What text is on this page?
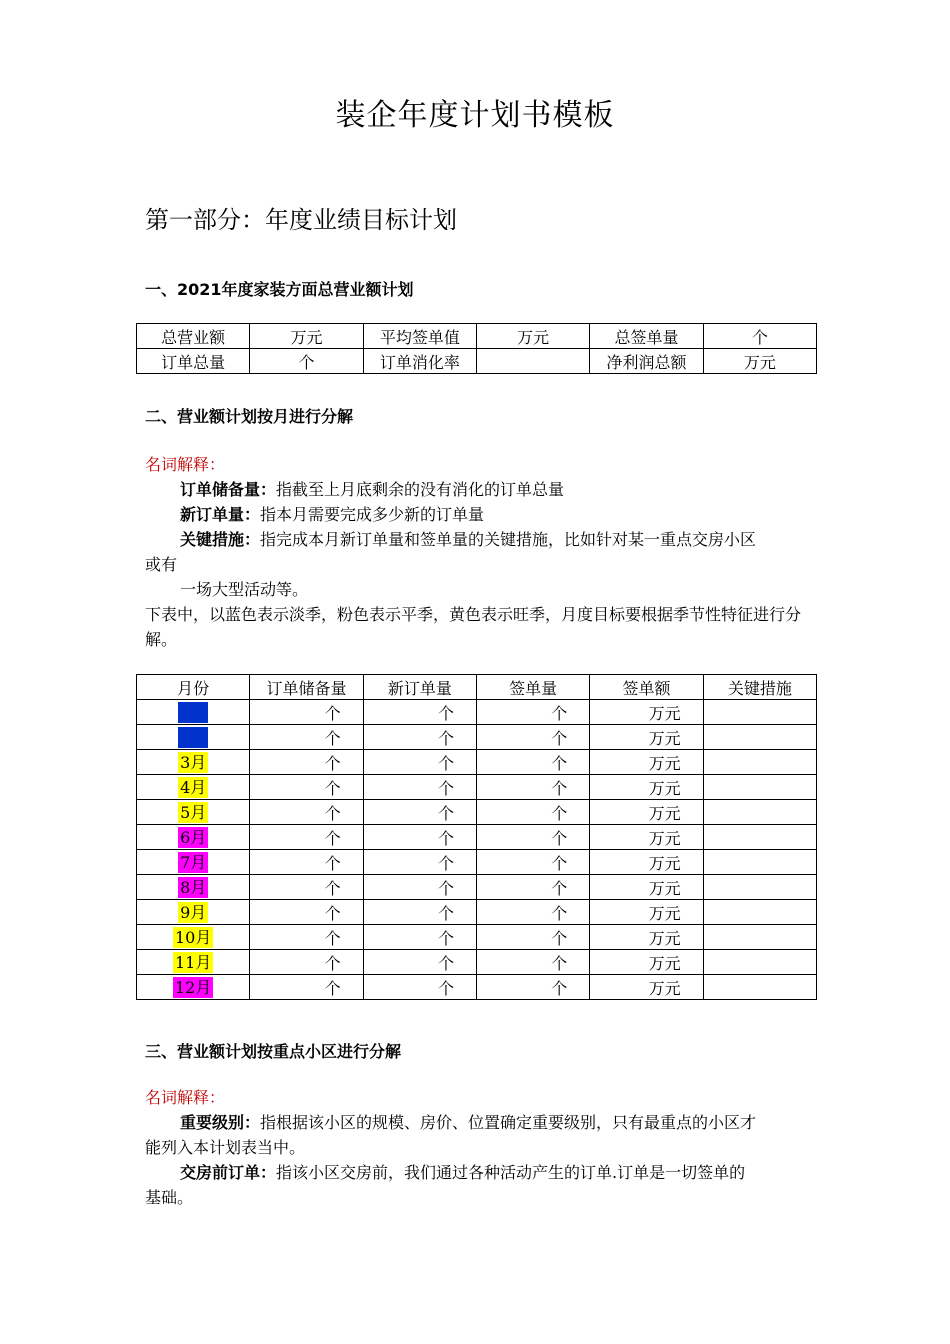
装企年度计划书模板
第一部分：年度业绩目标计划
一、2021年度家装方面总营业额计划
总营业额	万元	平均签单值	万元	总签单量	个
订单总量	个	订单消化率		净利润总额	万元
二、营业额计划按月进行分解
名词解释：
订单储备量：指截至上月底剩余的没有消化的订单总量
新订单量：指本月需要完成多少新的订单量
关键措施：指完成本月新订单量和签单量的关键措施，比如针对某一重点交房小区
或有
一场大型活动等。
下表中，以蓝色表示淡季，粉色表示平季，黄色表示旺季，月度目标要根据季节性特征进行分
解。
月份	订单储备量	新订单量	签单量	签单额	关键措施
1月	个	个	个	万元	
2月	个	个	个	万元	
3月	个	个	个	万元	
4月	个	个	个	万元	
5月	个	个	个	万元	
6月	个	个	个	万元	
7月	个	个	个	万元	
8月	个	个	个	万元	
9月	个	个	个	万元	
10月	个	个	个	万元	
11月	个	个	个	万元	
12月	个	个	个	万元	
三、营业额计划按重点小区进行分解
名词解释：
重要级别：指根据该小区的规模、房价、位置确定重要级别，只有最重点的小区才
能列入本计划表当中。
交房前订单：指该小区交房前，我们通过各种活动产生的订单.订单是一切签单的
基础。
